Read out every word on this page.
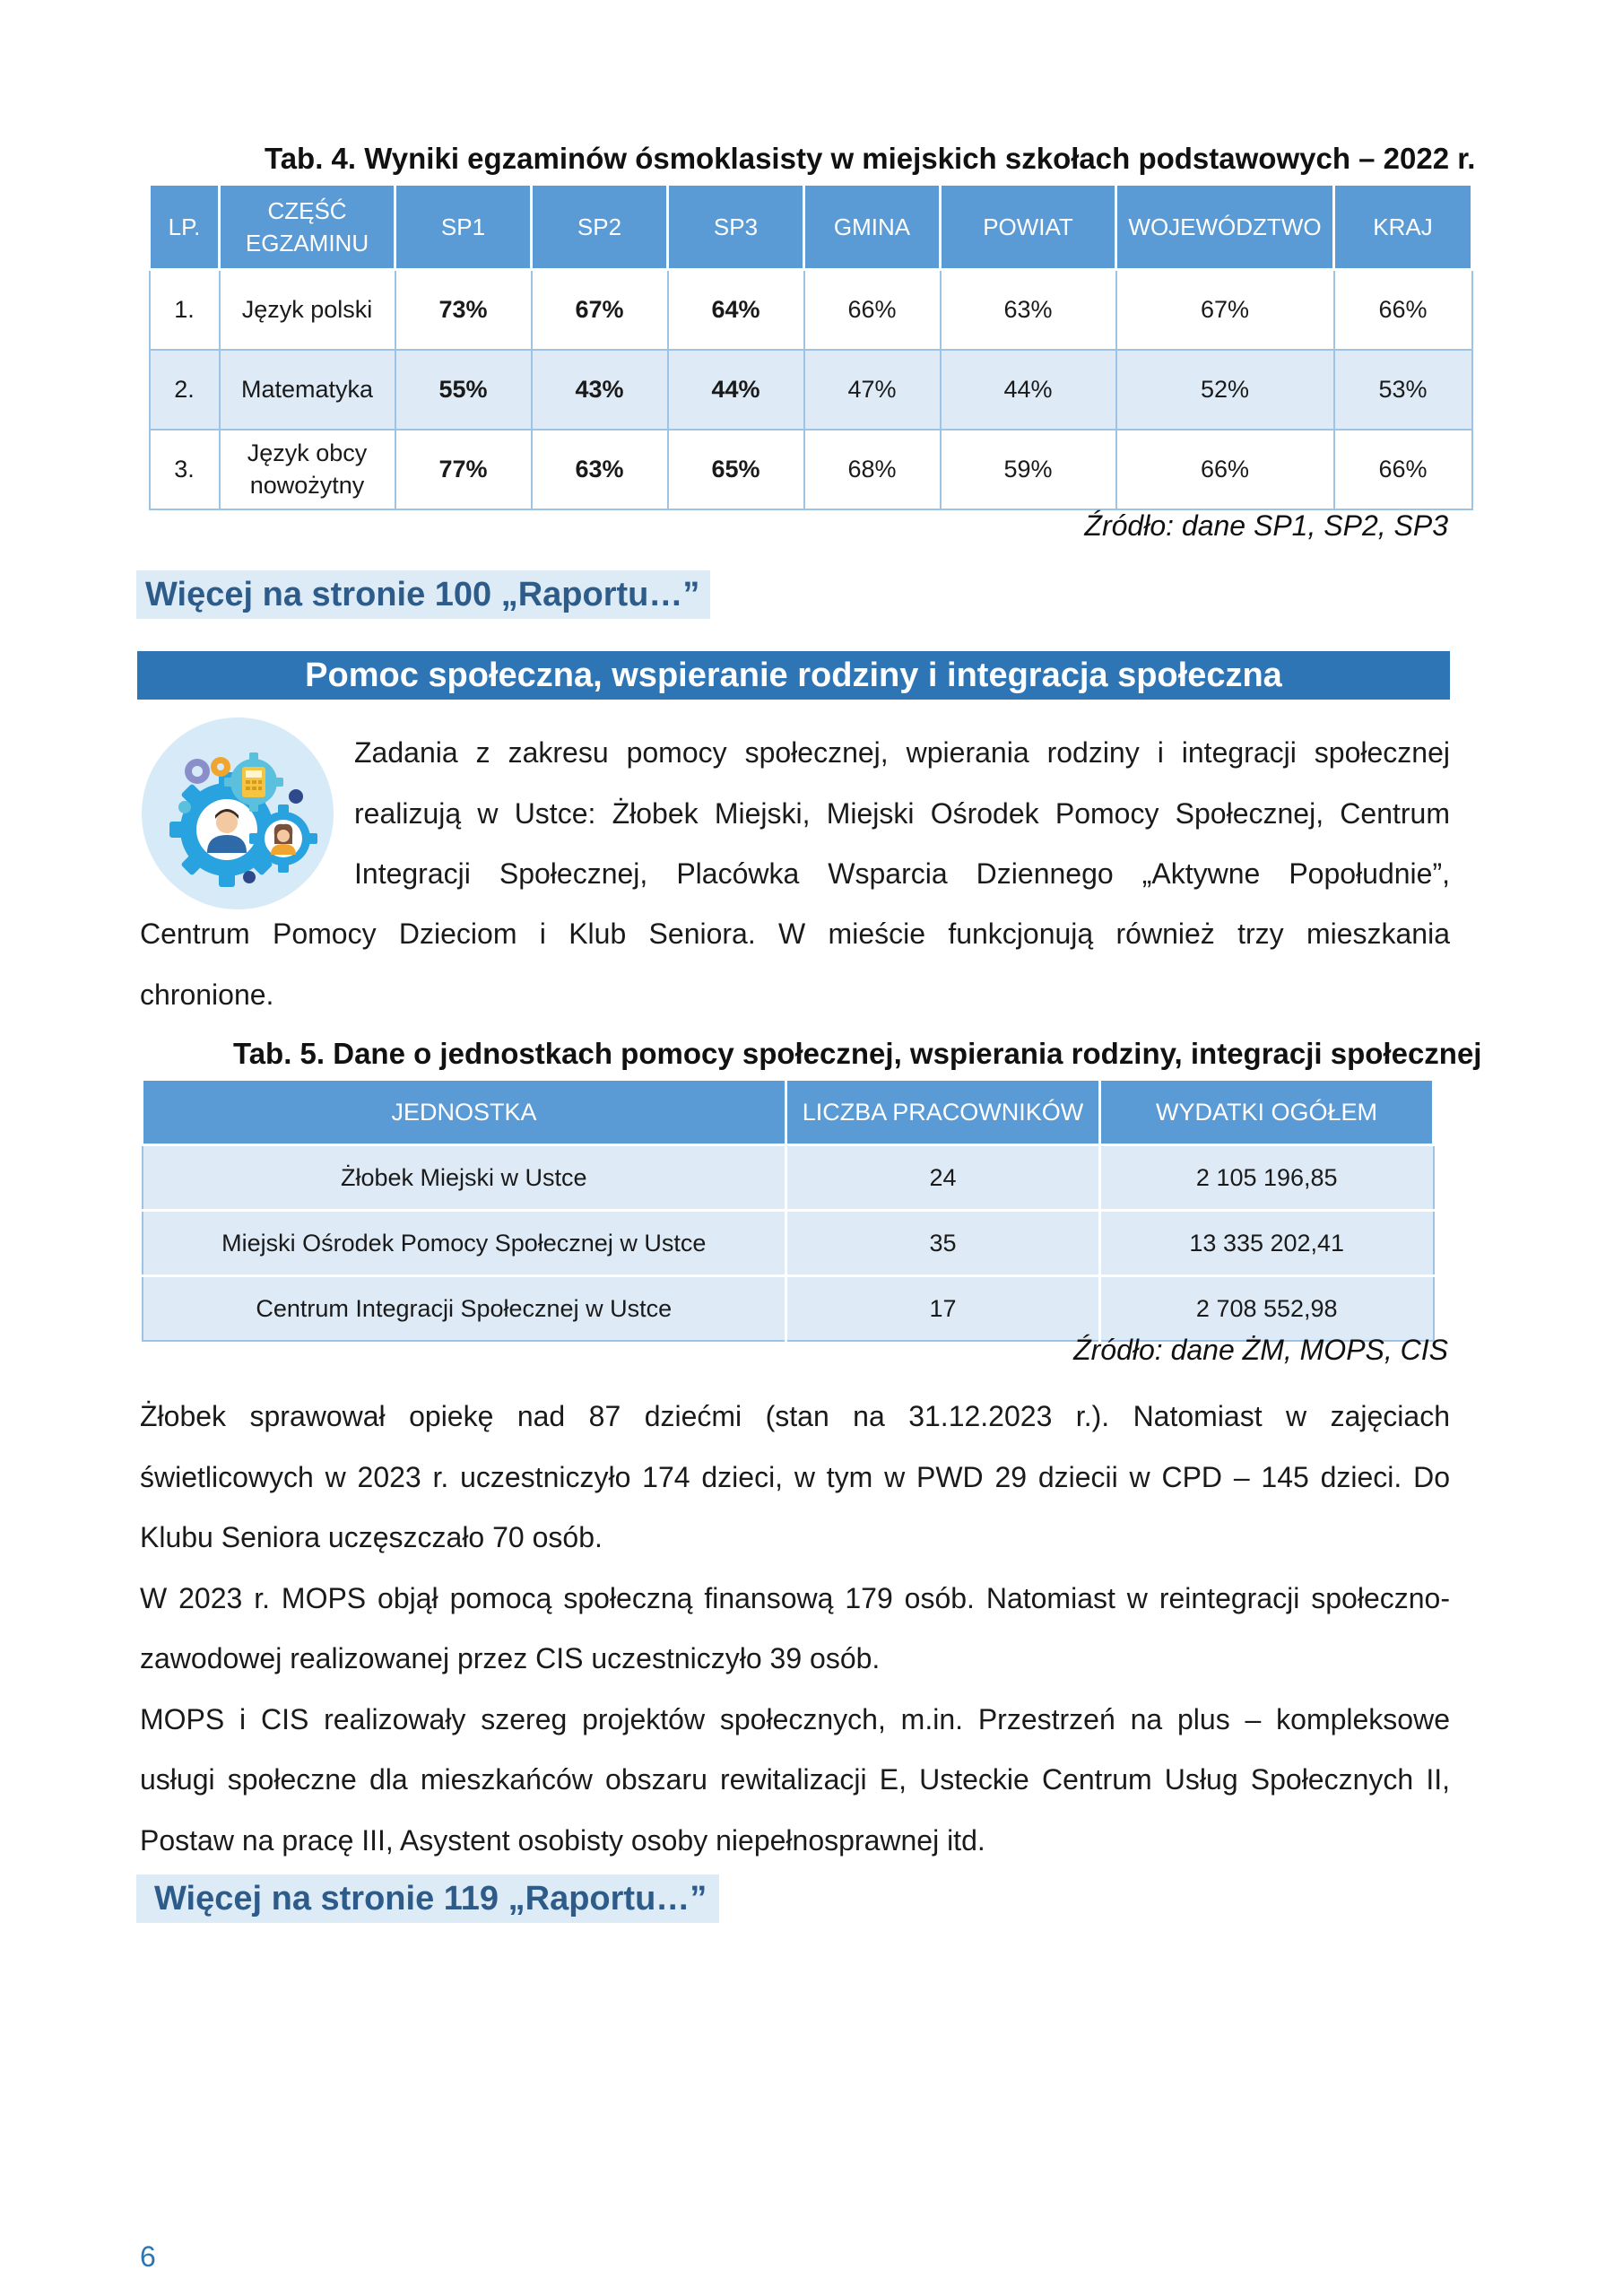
Tab. 4. Wyniki egzaminów ósmoklasisty w miejskich szkołach podstawowych – 2022 r.
LP.	CZĘŚĆ EGZAMINU	SP1	SP2	SP3	GMINA	POWIAT	WOJEWÓDZTWO	KRAJ
1.	Język polski	73%	67%	64%	66%	63%	67%	66%
2.	Matematyka	55%	43%	44%	47%	44%	52%	53%
3.	Język obcy nowożytny	77%	63%	65%	68%	59%	66%	66%
Źródło: dane SP1, SP2, SP3
Więcej na stronie 100 „Raportu…”
Pomoc społeczna, wspieranie rodziny i integracja społeczna
Zadania z zakresu pomocy społecznej, wpierania rodziny i integracji społecznej
realizują w Ustce: Żłobek Miejski, Miejski Ośrodek Pomocy Społecznej, Centrum
Integracji Społecznej, Placówka Wsparcia Dziennego „Aktywne Popołudnie”,
Centrum Pomocy Dzieciom i Klub Seniora. W mieście funkcjonują również trzy mieszkania
chronione.
Tab. 5. Dane o jednostkach pomocy społecznej, wspierania rodziny, integracji społecznej
JEDNOSTKA	LICZBA PRACOWNIKÓW	WYDATKI OGÓŁEM
Żłobek Miejski w Ustce	24	2 105 196,85
Miejski Ośrodek Pomocy Społecznej w Ustce	35	13 335 202,41
Centrum Integracji Społecznej w Ustce	17	2 708 552,98
Źródło: dane ŻM, MOPS, CIS
Żłobek sprawował opiekę nad 87 dziećmi (stan na 31.12.2023 r.). Natomiast w zajęciach
świetlicowych w 2023 r. uczestniczyło 174 dzieci, w tym w PWD 29 dziecii w CPD – 145 dzieci. Do
Klubu Seniora uczęszczało 70 osób.
W 2023 r. MOPS objął pomocą społeczną finansową 179 osób. Natomiast w reintegracji społeczno-
zawodowej realizowanej przez CIS uczestniczyło 39 osób.
MOPS i CIS realizowały szereg projektów społecznych, m.in. Przestrzeń na plus – kompleksowe
usługi społeczne dla mieszkańców obszaru rewitalizacji E, Usteckie Centrum Usług Społecznych II,
Postaw na pracę III, Asystent osobisty osoby niepełnosprawnej itd.
Więcej na stronie 119 „Raportu…”
6
